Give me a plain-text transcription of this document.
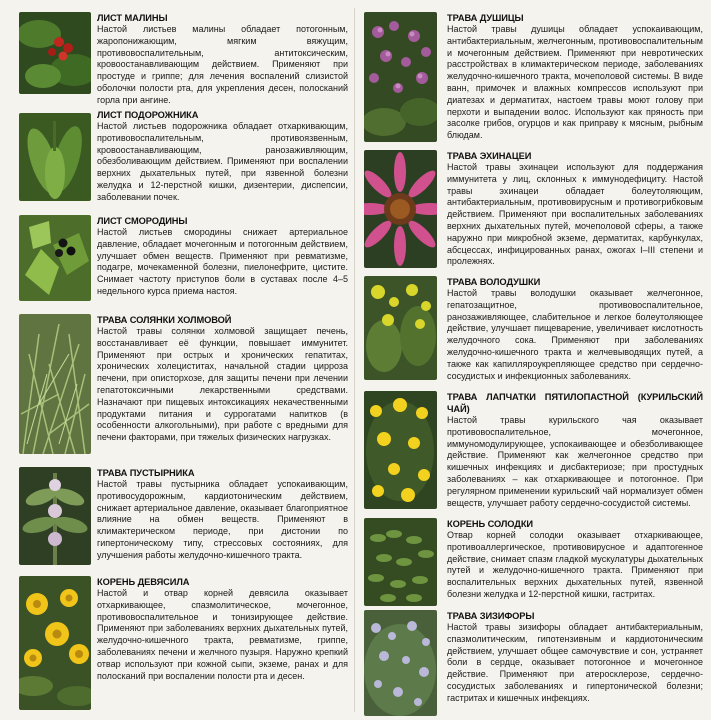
ЛИСТ МАЛИНЫ
Настой листьев малины обладает потогонным, жаропонижающим, мягким вяжущим, противовоспалительным, антитоксическим, кровоостанавливающим действием. Применяют при простуде и гриппе; для лечения воспалений слизистой оболочки полости рта, для укрепления десен, полосканий горла при ангине.
ЛИСТ ПОДОРОЖНИКА
Настой листьев подорожника обладает отхаркивающим, противовоспалительным, противоязвенным, кровоостанавливающим, ранозаживляющим, обезболивающим действием. Применяют при воспалении верхних дыхательных путей, при язвенной болезни желудка и 12-перстной кишки, дизентерии, диспепсии, заболевании почек.
ЛИСТ СМОРОДИНЫ
Настой листьев смородины снижает артериальное давление, обладает мочегонным и потогонным действием, улучшает обмен веществ. Применяют при ревматизме, подагре, мочекаменной болезни, пиелонефрите, цистите. Снимает частоту приступов боли в суставах после 4–5 недельного курса приема настоя.
ТРАВА СОЛЯНКИ ХОЛМОВОЙ
Настой травы солянки холмовой защищает печень, восстанавливает её функции, повышает иммунитет. Применяют при острых и хронических гепатитах, хронических холециститах, начальной стадии цирроза печени, при описторхозе, для защиты печени при лечении гепатотоксичными лекарственными средствами. Назначают при пищевых интоксикациях некачественными продуктами питания и суррогатами напитков (в особенности алкогольными), при работе с вредными для печени факторами, при тяжелых физических нагрузках.
ТРАВА ПУСТЫРНИКА
Настой травы пустырника обладает успокаивающим, противосудорожным, кардиотоническим действием, снижает артериальное давление, оказывает благоприятное влияние на обмен веществ. Применяют в климактерическом периоде, при дистонии по гипертоническому типу, стрессовых состояниях, для улучшения работы желудочно-кишечного тракта.
КОРЕНЬ ДЕВЯСИЛА
Настой и отвар корней девясила оказывает отхаркивающее, спазмолитическое, мочегонное, противовоспалительное и тонизирующее действие. Применяют при заболеваниях верхних дыхательных путей, желудочно-кишечного тракта, ревматизме, гриппе, заболеваниях печени и желчного пузыря. Наружно крепкий отвар используют при кожной сыпи, экземе, ранах и для полосканий при воспалении полости рта и десен.
ТРАВА ДУШИЦЫ
Настой травы душицы обладает успокаивающим, антибактериальным, желчегонным, противовоспалительным и мочегонным действием. Применяют при невротических расстройствах в климактерическом периоде, заболеваниях желудочно-кишечного тракта, мочеполовой системы. В виде ванн, примочек и влажных компрессов используют при диатезах и дерматитах, настоем травы моют голову при перхоти и выпадении волос. Используют как пряность при засолке грибов, огурцов и как приправу к мясным, рыбным блюдам.
ТРАВА ЭХИНАЦЕИ
Настой травы эхинацеи используют для поддержания иммунитета у лиц, склонных к иммунодефициту. Настой травы эхинацеи обладает болеутоляющим, антибактериальным, противовирусным и противогрибковым действием. Применяют при воспалительных заболеваниях верхних дыхательных путей, мочеполовой сферы, а также наружно при микробной экземе, дерматитах, карбункулах, абсцессах, инфицированных ранах, ожогах I–III степени и пролежнях.
ТРАВА ВОЛОДУШКИ
Настой травы володушки оказывает желчегонное, гепатозащитное, противовоспалительное, ранозаживляющее, слабительное и легкое болеутоляющее действие, улучшает пищеварение, увеличивает кислотность желудочного сока. Применяют при заболеваниях желудочно-кишечного тракта и желчевыводящих путей, а также как капилляроукрепляющее средство при сердечно-сосудистых и инфекционных заболеваниях.
ТРАВА ЛАПЧАТКИ ПЯТИЛОПАСТНОЙ (КУРИЛЬСКИЙ ЧАЙ)
Настой травы курильского чая оказывает противовоспалительное, мочегонное, иммуномодулирующее, успокаивающее и обезболивающее действие. Применяют как желчегонное средство при кишечных инфекциях и дисбактериозе; при простудных заболеваниях – как отхаркивающее и потогонное. При регулярном применении курильский чай нормализует обмен веществ, улучшает работу сердечно-сосудистой системы.
КОРЕНЬ СОЛОДКИ
Отвар корней солодки оказывает отхаркивающее, противоаллергическое, противовирусное и адаптогенное действие, снимает спазм гладкой мускулатуры дыхательных путей и желудочно-кишечного тракта. Применяют при воспалительных верхних дыхательных путей, язвенной болезни желудка и 12-перстной кишки, гастритах.
ТРАВА ЗИЗИФОРЫ
Настой травы зизифоры обладает антибактериальным, спазмолитическим, гипотензивным и кардиотоническим действием, улучшает общее самочувствие и сон, устраняет боли в сердце, оказывает потогонное и мочегонное действие. Применяют при атеросклерозе, сердечно-сосудистых заболеваниях и гипертонической болезни; гастритах и кишечных инфекциях.
